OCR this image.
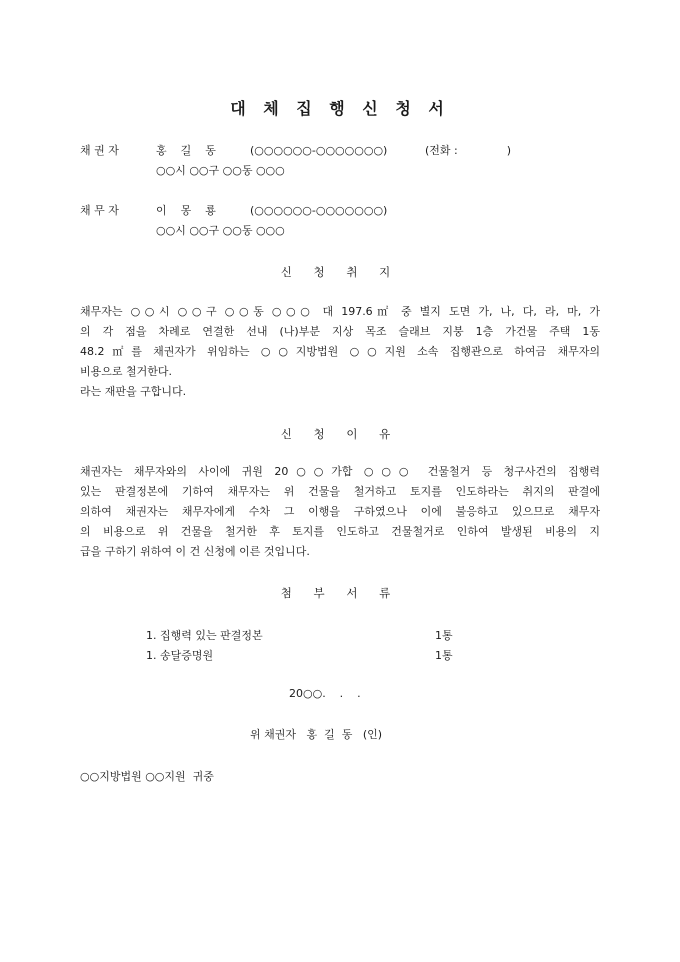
대 체 집 행 신 청 서
채 권 자	홍    길    동	(○○○○○○-○○○○○○○)	(전화 :              )
○○시 ○○구 ○○동 ○○○
채 무 자	이    몽    룡	(○○○○○○-○○○○○○○)
○○시 ○○구 ○○동 ○○○
신 청 취 지
채무자는 ○○시 ○○구 ○○동 ○○○ 대 197.6㎡ 중 별지 도면 가, 나, 다, 라, 마, 가
의 각 점을 차례로 연결한 선내 (나)부분 지상 목조 슬래브 지붕 1층 가건물 주택 1동
48.2㎡를 채권자가 위임하는 ○○지방법원 ○○지원 소속 집행관으로 하여금 채무자의
비용으로 철거한다.
라는 재판을 구합니다.
신 청 이 유
채권자는 채무자와의 사이에 귀원 20○○가합 ○○○ 건물철거 등 청구사건의 집행력
있는 판결정본에 기하여 채무자는 위 건물을 철거하고 토지를 인도하라는 취지의 판결에
의하여 채권자는 채무자에게 수차 그 이행을 구하였으나 이에 불응하고 있으므로 채무자
의 비용으로 위 건물을 철거한 후 토지를 인도하고 건물철거로 인하여 발생된 비용의 지
급을 구하기 위하여 이 건 신청에 이른 것입니다.
첨 부 서 류
1. 집행력 있는 판결정본	1통
1. 송달증명원	1통
20○○.    .    .
위 채권자   홍  길  동   (인)
○○지방법원 ○○지원  귀중
